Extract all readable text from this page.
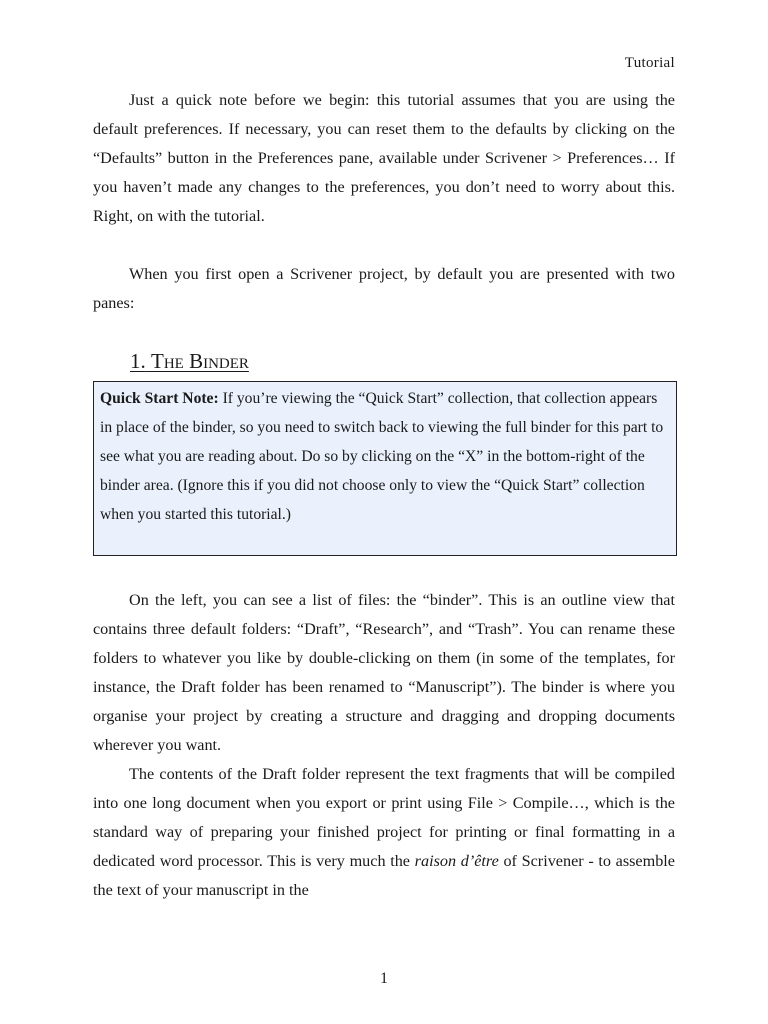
Tutorial

Just a quick note before we begin: this tutorial assumes that you are using the default preferences. If necessary, you can reset them to the defaults by clicking on the “Defaults” button in the Preferences pane, available under Scrivener > Preferences… If you haven’t made any changes to the preferences, you don’t need to worry about this. Right, on with the tutorial.

When you first open a Scrivener project, by default you are presented with two panes:

1. The Binder
Quick Start Note: If you’re viewing the “Quick Start” collection, that collection appears in place of the binder, so you need to switch back to viewing the full binder for this part to see what you are reading about. Do so by clicking on the “X” in the bottom-right of the binder area. (Ignore this if you did not choose only to view the “Quick Start” collection when you started this tutorial.)

On the left, you can see a list of files: the “binder”. This is an outline view that contains three default folders: “Draft”, “Research”, and “Trash”. You can rename these folders to whatever you like by double-clicking on them (in some of the templates, for instance, the Draft folder has been renamed to “Manuscript”). The binder is where you organise your project by creating a structure and dragging and dropping documents wherever you want.

The contents of the Draft folder represent the text fragments that will be compiled into one long document when you export or print using File > Compile…, which is the standard way of preparing your finished project for printing or final formatting in a dedicated word processor. This is very much the raison d’être of Scrivener - to assemble the text of your manuscript in the

1
